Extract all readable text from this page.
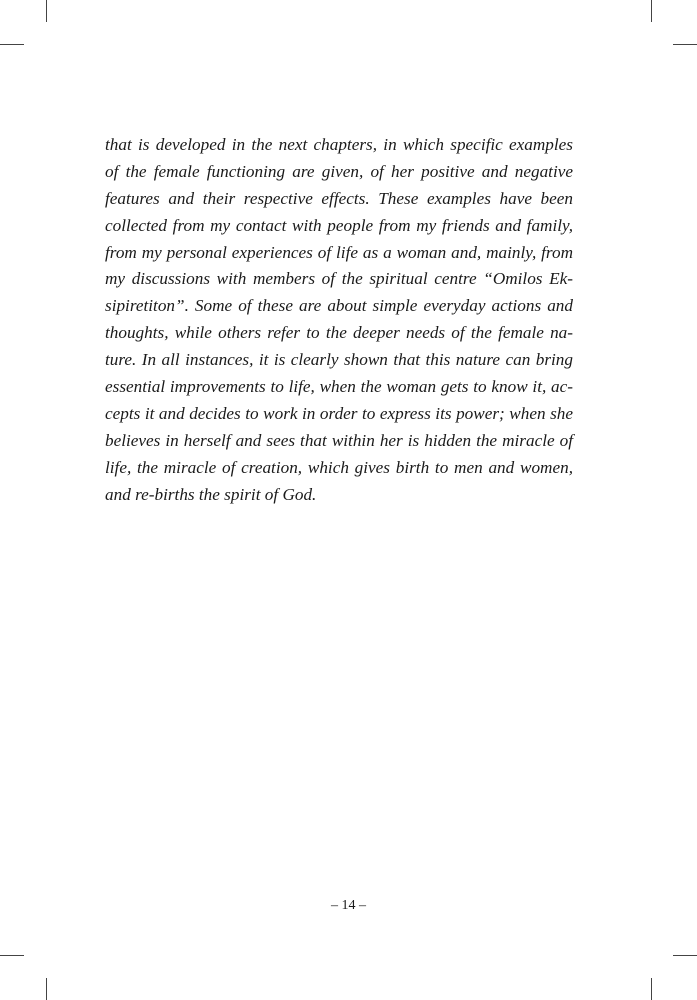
that is developed in the next chapters, in which specific examples
of the female functioning are given, of her positive and negative
features and their respective effects. These examples have been
collected from my contact with people from my friends and family,
from my personal experiences of life as a woman and, mainly, from
my discussions with members of the spiritual centre “Omilos Ek-
sipiretiton”. Some of these are about simple everyday actions and
thoughts, while others refer to the deeper needs of the female na-
ture. In all instances, it is clearly shown that this nature can bring
essential improvements to life, when the woman gets to know it, ac-
cepts it and decides to work in order to express its power; when she
believes in herself and sees that within her is hidden the miracle of
life, the miracle of creation, which gives birth to men and women,
and re-births the spirit of God.
– 14 –
